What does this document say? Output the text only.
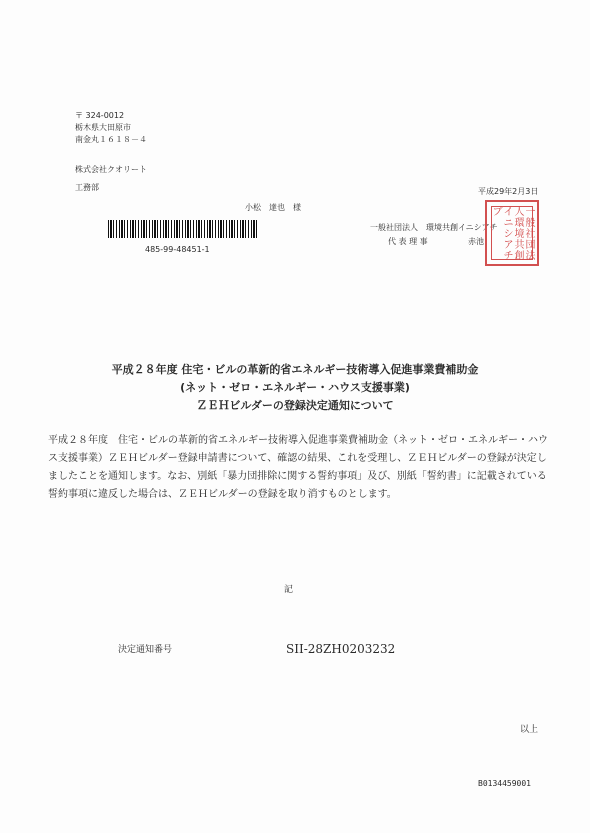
〒 324-0012
栃木県大田原市
南金丸１６１８－４
株式会社クオリート
工務部
小松　達也　様
485-99-48451-1
平成29年2月3日
一般社団法人　環境共創イニシアチ
代 表 理 事	赤池
一
般
社
団
法
人
環
境
共
創
イ
ニ
シ
ア
チ
ブ
平成２８年度 住宅・ビルの革新的省エネルギー技術導入促進事業費補助金
(ネット・ゼロ・エネルギー・ハウス支援事業)
ＺＥＨビルダーの登録決定通知について
平成２８年度　住宅・ビルの革新的省エネルギー技術導入促進事業費補助金（ネット・ゼロ・エネルギー・ハウス支援事業）ＺＥＨビルダー登録申請書について、確認の結果、これを受理し、ＺＥＨビルダーの登録が決定しましたことを通知します。なお、別紙「暴力団排除に関する誓約事項」及び、別紙「誓約書」に記載されている誓約事項に違反した場合は、ＺＥＨビルダーの登録を取り消すものとします。
記
決定通知番号	SII-28ZH0203232
以上
B0134459001
